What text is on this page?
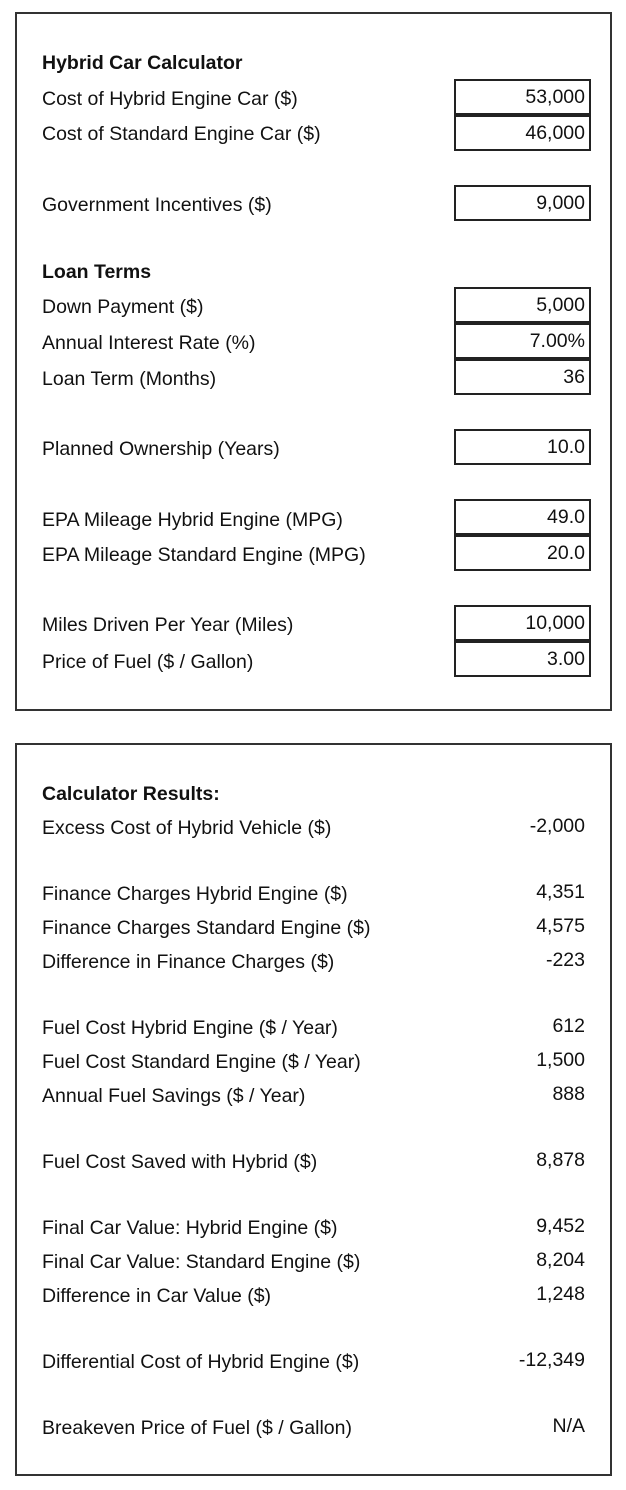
Hybrid Car Calculator
Cost of Hybrid Engine Car ($)
53,000
Cost of Standard Engine Car ($)
46,000
Government Incentives ($)
9,000
Loan Terms
Down Payment ($)
5,000
Annual Interest Rate (%)
7.00%
Loan Term (Months)
36
Planned Ownership (Years)
10.0
EPA Mileage Hybrid Engine (MPG)
49.0
EPA Mileage Standard Engine (MPG)
20.0
Miles Driven Per Year (Miles)
10,000
Price of Fuel ($ / Gallon)
3.00
Calculator Results:
Excess Cost of Hybrid Vehicle ($)	-2,000
Finance Charges Hybrid Engine ($)	4,351
Finance Charges Standard Engine ($)	4,575
Difference in Finance Charges ($)	-223
Fuel Cost Hybrid Engine ($ / Year)	612
Fuel Cost Standard Engine ($ / Year)	1,500
Annual Fuel Savings ($ / Year)	888
Fuel Cost Saved with Hybrid ($)	8,878
Final Car Value: Hybrid Engine ($)	9,452
Final Car Value: Standard Engine ($)	8,204
Difference in Car Value ($)	1,248
Differential Cost of Hybrid Engine ($)	-12,349
Breakeven Price of Fuel ($ / Gallon)	N/A
